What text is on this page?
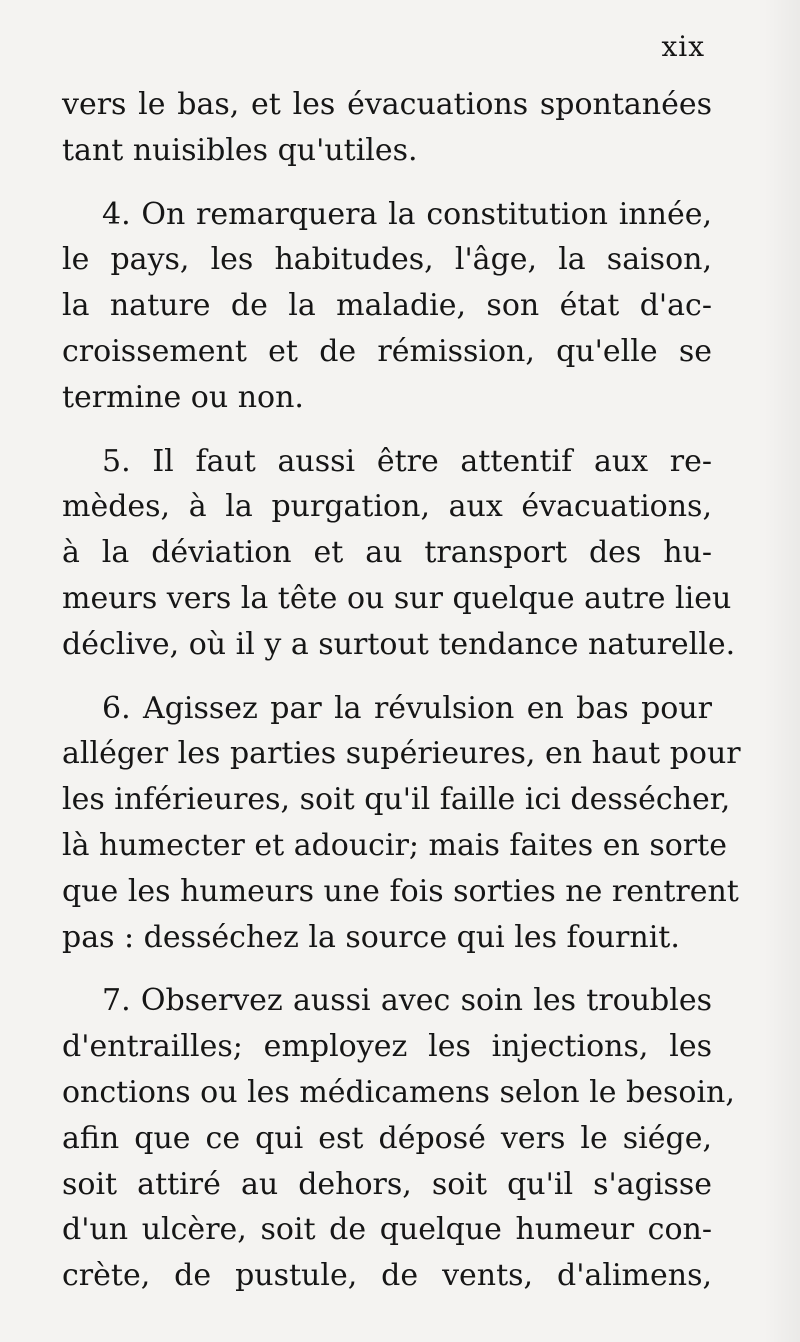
xix
vers le bas, et les évacuations spontanées
tant nuisibles qu'utiles.
4. On remarquera la constitution innée,
le pays, les habitudes, l'âge, la saison,
la nature de la maladie, son état d'ac-
croissement et de rémission, qu'elle se
termine ou non.
5. Il faut aussi être attentif aux re-
mèdes, à la purgation, aux évacuations,
à la déviation et au transport des hu-
meurs vers la tête ou sur quelque autre lieu
déclive, où il y a surtout tendance naturelle.
6. Agissez par la révulsion en bas pour
alléger les parties supérieures, en haut pour
les inférieures, soit qu'il faille ici dessécher,
là humecter et adoucir; mais faites en sorte
que les humeurs une fois sorties ne rentrent
pas : desséchez la source qui les fournit.
7. Observez aussi avec soin les troubles
d'entrailles; employez les injections, les
onctions ou les médicamens selon le besoin,
afin que ce qui est déposé vers le siége,
soit attiré au dehors, soit qu'il s'agisse
d'un ulcère, soit de quelque humeur con-
crète, de pustule, de vents, d'alimens,
